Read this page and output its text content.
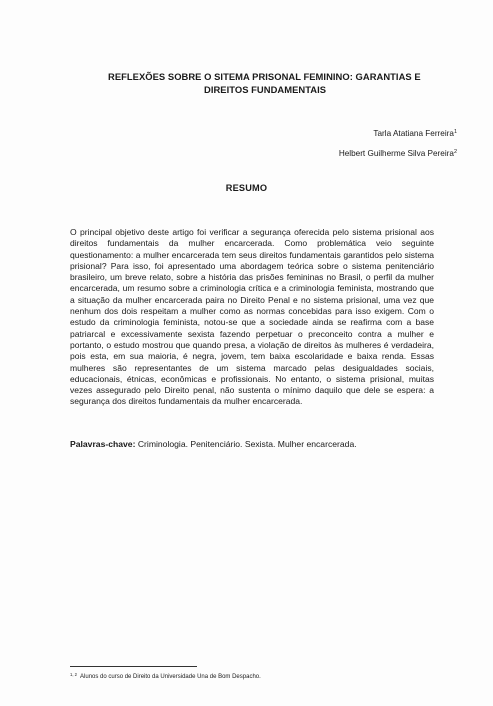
REFLEXÕES SOBRE O SITEMA PRISONAL FEMININO: GARANTIAS E
DIREITOS FUNDAMENTAIS
Tarla Atatiana Ferreira$^1$
Helbert Guilherme Silva Pereira$^2$
RESUMO

O principal objetivo deste artigo foi verificar a segurança oferecida pelo sistema prisional aos direitos fundamentais da mulher encarcerada. Como problemática veio seguinte questionamento: a mulher encarcerada tem seus direitos fundamentais garantidos pelo sistema prisional? Para isso, foi apresentado uma abordagem teórica sobre o sistema penitenciário brasileiro, um breve relato, sobre a história das prisões femininas no Brasil, o perfil da mulher encarcerada, um resumo sobre a criminologia crítica e a criminologia feminista, mostrando que a situação da mulher encarcerada paira no Direito Penal e no sistema prisional, uma vez que nenhum dos dois respeitam a mulher como as normas concebidas para isso exigem. Com o estudo da criminologia feminista, notou-se que a sociedade ainda se reafirma com a base patriarcal e excessivamente sexista fazendo perpetuar o preconceito contra a mulher e portanto, o estudo mostrou que quando presa, a violação de direitos às mulheres é verdadeira, pois esta, em sua maioria, é negra, jovem, tem baixa escolaridade e baixa renda. Essas mulheres são representantes de um sistema marcado pelas desigualdades sociais, educacionais, étnicas, econômicas e profissionais. No entanto, o sistema prisional, muitas vezes assegurado pelo Direito penal, não sustenta o mínimo daquilo que dele se espera: a segurança dos direitos fundamentais da mulher encarcerada.

Palavras-chave: Criminologia. Penitenciário. Sexista. Mulher encarcerada.
$^{1, 2}$ Alunos do curso de Direito da Universidade Una de Bom Despacho.
